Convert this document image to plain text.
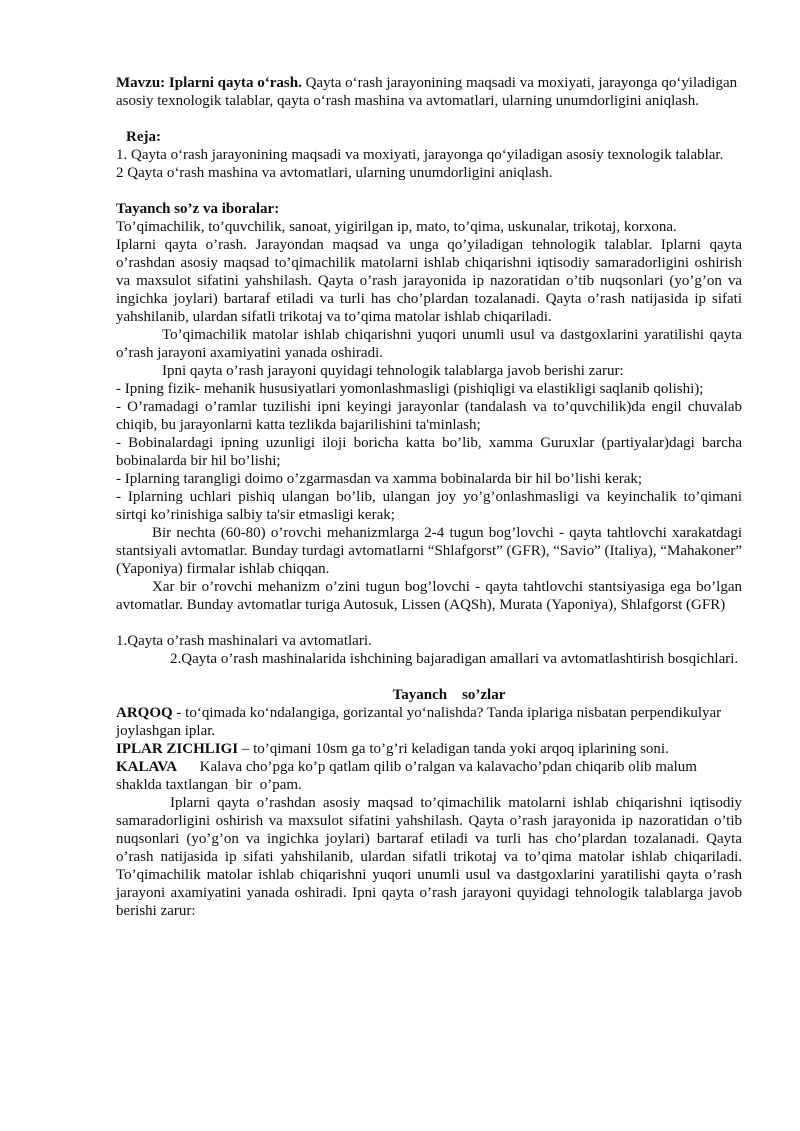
Mavzu: Iplarni qayta o‘rash. Qayta o‘rash jarayonining maqsadi va moxiyati, jarayonga qo‘yiladigan asosiy texnologik talablar, qayta o‘rash mashina va avtomatlari, ularning unumdorligini aniqlash.

Reja:

1. Qayta o‘rash jarayonining maqsadi va moxiyati, jarayonga qo‘yiladigan asosiy texnologik talablar.

2 Qayta o‘rash mashina va avtomatlari, ularning unumdorligini aniqlash.

Tayanch so’z va iboralar:

To’qimachilik, to’quvchilik, sanoat, yigirilgan ip, mato, to’qima, uskunalar, trikotaj, korxona.

Iplarni qayta o’rash. Jarayondan maqsad va unga qo’yiladigan tehnologik talablar. Iplarni qayta o’rashdan asosiy maqsad to’qimachilik matolarni ishlab chiqarishni iqtisodiy samaradorligini oshirish va maxsulot sifatini yahshilash. Qayta o’rash jarayonida ip nazoratidan o’tib nuqsonlari (yo’g’on va ingichka joylari) bartaraf etiladi va turli has cho’plardan tozalanadi. Qayta o’rash natijasida ip sifati yahshilanib, ulardan sifatli trikotaj va to’qima matolar ishlab chiqariladi.

To’qimachilik matolar ishlab chiqarishni yuqori unumli usul va dastgoxlarini yaratilishi qayta o’rash jarayoni axamiyatini yanada oshiradi.

Ipni qayta o’rash jarayoni quyidagi tehnologik talablarga javob berishi zarur:

- Ipning fizik- mehanik hususiyatlari yomonlashmasligi (pishiqligi va elastikligi saqlanib qolishi);

- O’ramadagi o’ramlar tuzilishi ipni keyingi jarayonlar (tandalash va to’quvchilik)da engil chuvalab chiqib, bu jarayonlarni katta tezlikda bajarilishini ta'minlash;

- Bobinalardagi ipning uzunligi iloji boricha katta bo’lib, xamma Guruxlar (partiyalar)dagi barcha bobinalarda bir hil bo’lishi;

- Iplarning tarangligi doimo o’zgarmasdan va xamma bobinalarda bir hil bo’lishi kerak;

- Iplarning uchlari pishiq ulangan bo’lib, ulangan joy yo’g’onlashmasligi va keyinchalik to’qimani sirtqi ko’rinishiga salbiy ta'sir etmasligi kerak;

Bir nechta (60-80) o’rovchi mehanizmlarga 2-4 tugun bog’lovchi - qayta tahtlovchi xarakatdagi stantsiyali avtomatlar. Bunday turdagi avtomatlarni “Shlafgorst” (GFR), “Savio” (Italiya), “Mahakoner” (Yaponiya) firmalar ishlab chiqqan.

Xar bir o’rovchi mehanizm o’zini tugun bog’lovchi - qayta tahtlovchi stantsiyasiga ega bo’lgan avtomatlar. Bunday avtomatlar turiga Autosuk, Lissen (AQSh), Murata (Yaponiya), Shlafgorst (GFR)

1.Qayta o’rash mashinalari va avtomatlari.

2.Qayta o’rash mashinalarida ishchining bajaradigan amallari va avtomatlashtirish bosqichlari.

Tayanch    so’zlar

ARQOQ - to‘qimada ko‘ndalangiga, gorizantal yo‘nalishda? Tanda iplariga nisbatan perpendikulyar joylashgan iplar.

IPLAR ZICHLIGI – to’qimani 10sm ga to’g’ri keladigan tanda yoki arqoq iplarining soni.

KALAVA      Kalava cho’pga ko’p qatlam qilib o’ralgan va kalavacho’pdan chiqarib olib malum shaklda taxtlangan  bir  o’pam.

Iplarni qayta o’rashdan asosiy maqsad to’qimachilik matolarni ishlab chiqarishni iqtisodiy samaradorligini oshirish va maxsulot sifatini yahshilash. Qayta o’rash jarayonida ip nazoratidan o’tib nuqsonlari (yo’g’on va ingichka joylari) bartaraf etiladi va turli has cho’plardan tozalanadi. Qayta o’rash natijasida ip sifati yahshilanib, ulardan sifatli trikotaj va to’qima matolar ishlab chiqariladi. To’qimachilik matolar ishlab chiqarishni yuqori unumli usul va dastgoxlarini yaratilishi qayta o’rash jarayoni axamiyatini yanada oshiradi. Ipni qayta o’rash jarayoni quyidagi tehnologik talablarga javob berishi zarur:
